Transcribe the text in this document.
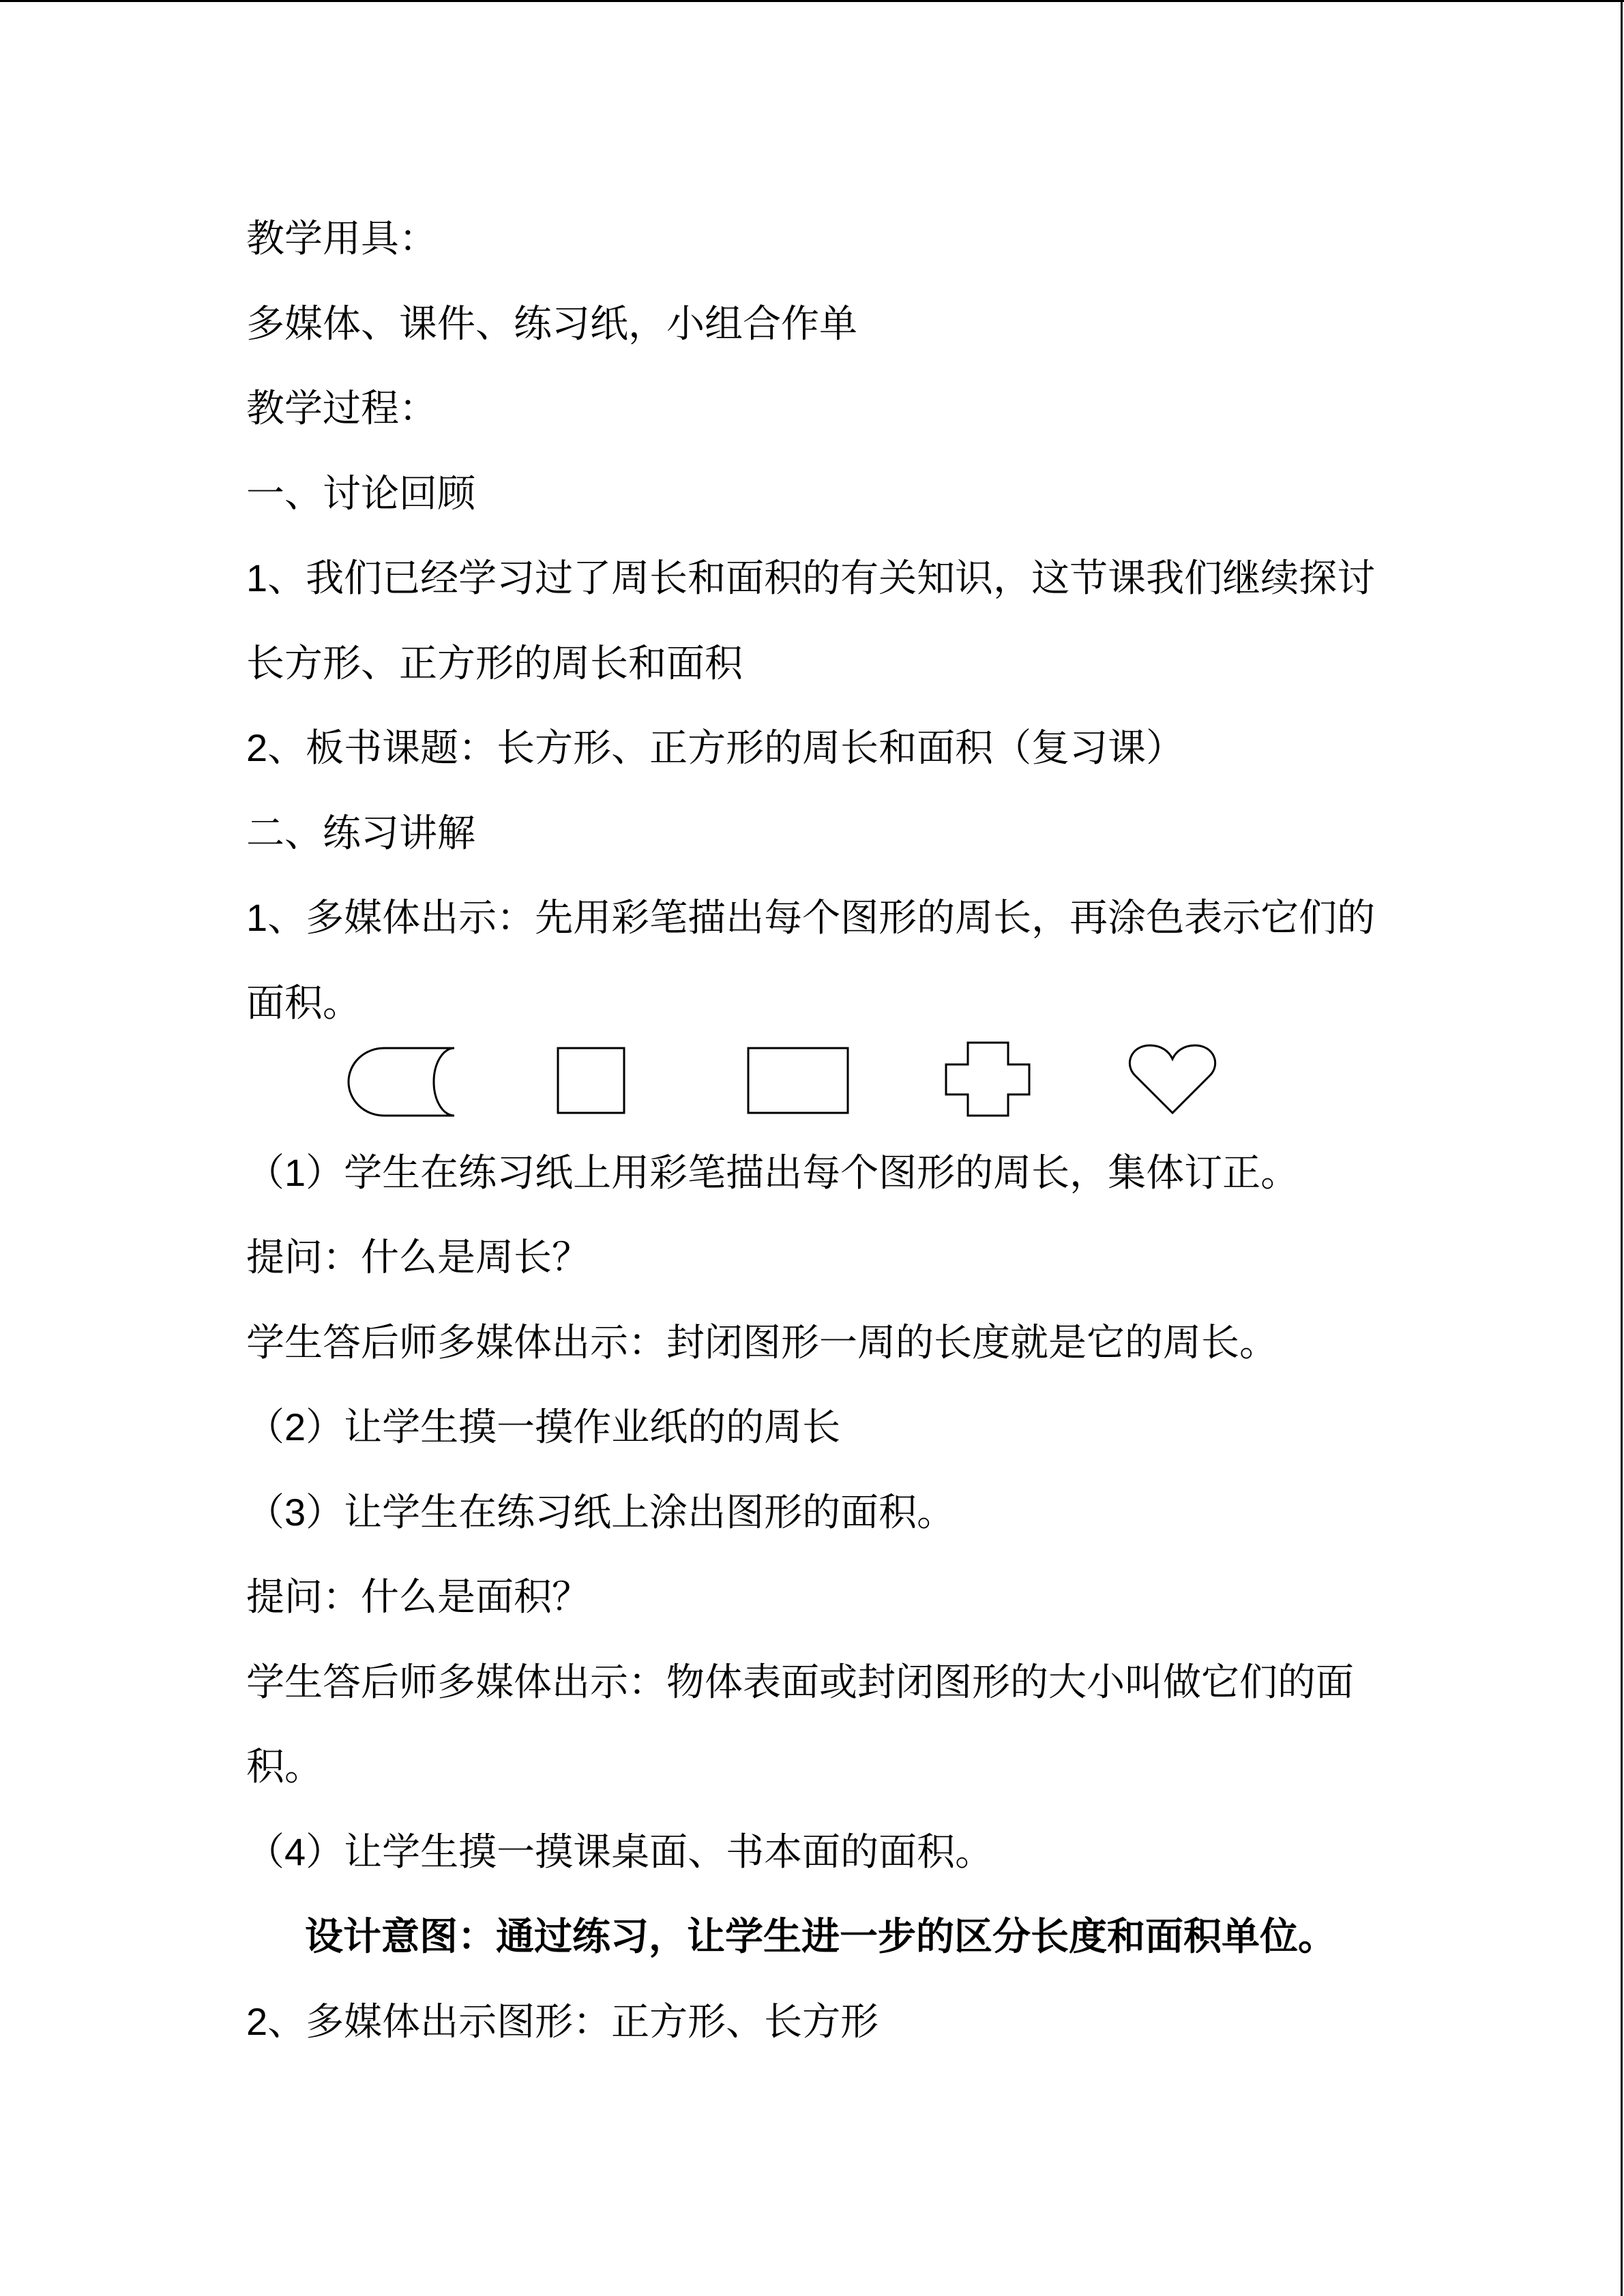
教学用具：
多媒体、课件、练习纸，小组合作单
教学过程：
一、讨论回顾
1、我们已经学习过了周长和面积的有关知识，这节课我们继续探讨
长方形、正方形的周长和面积
2、板书课题：长方形、正方形的周长和面积（复习课）
二、练习讲解
1、多媒体出示：先用彩笔描出每个图形的周长，再涂色表示它们的
面积。
（1）学生在练习纸上用彩笔描出每个图形的周长，集体订正。
提问：什么是周长？
学生答后师多媒体出示：封闭图形一周的长度就是它的周长。
（2）让学生摸一摸作业纸的的周长
（3）让学生在练习纸上涂出图形的面积。
提问：什么是面积？
学生答后师多媒体出示：物体表面或封闭图形的大小叫做它们的面
积。
（4）让学生摸一摸课桌面、书本面的面积。
设计意图：通过练习，让学生进一步的区分长度和面积单位。
2、多媒体出示图形：正方形、长方形
